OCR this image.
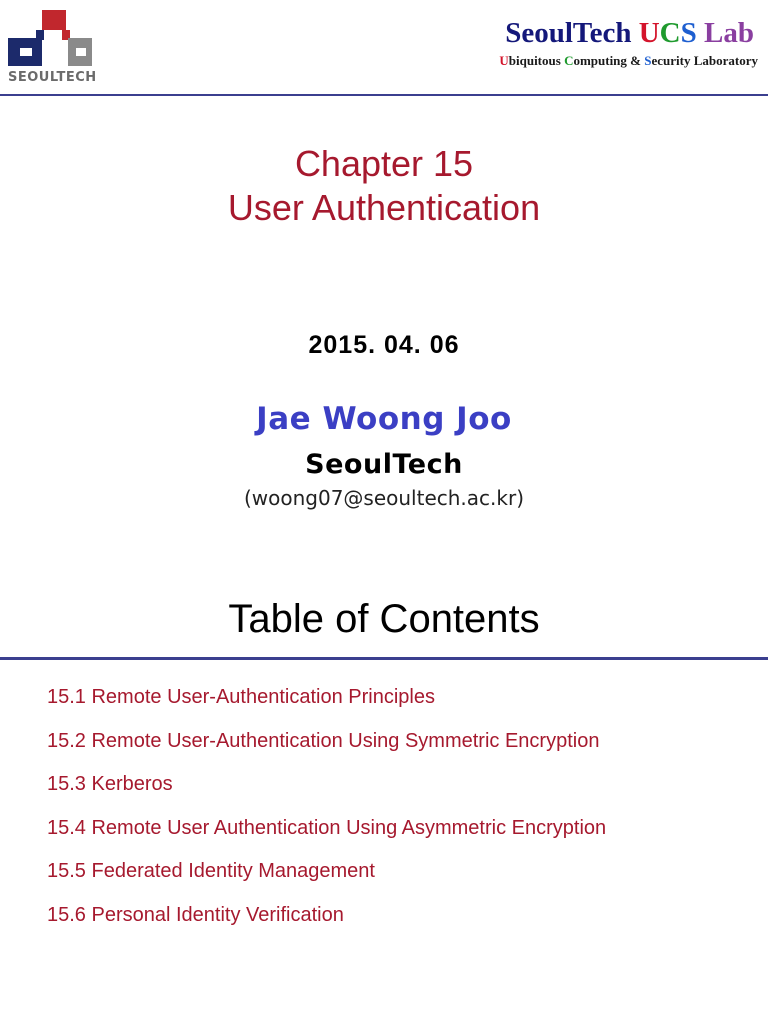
SEOULTECH
SeoulTech UCS Lab
Ubiquitous Computing & Security Laboratory
Chapter 15
User Authentication
2015. 04. 06
Jae Woong Joo
SeoulTech
(woong07@seoultech.ac.kr)
Table of Contents
15.1 Remote User-Authentication Principles
15.2 Remote User-Authentication Using Symmetric Encryption
15.3 Kerberos
15.4 Remote User Authentication Using Asymmetric Encryption
15.5 Federated Identity Management
15.6 Personal Identity Verification
